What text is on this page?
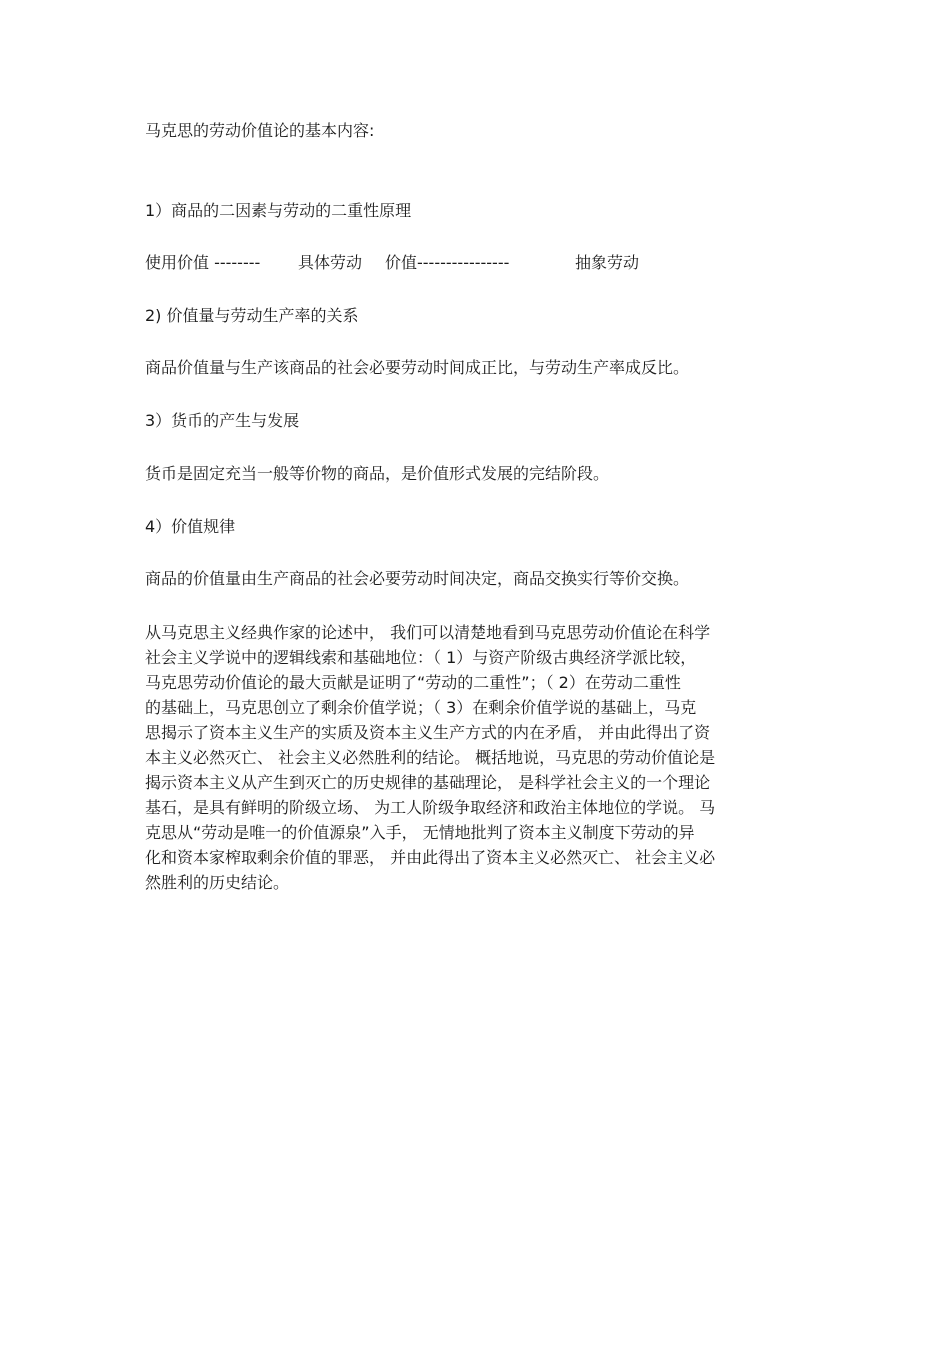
马克思的劳动价值论的基本内容:
1）商品的二因素与劳动的二重性原理
使用价值 -------- 具体劳动 价值----------------	抽象劳动
2) 价值量与劳动生产率的关系
商品价值量与生产该商品的社会必要劳动时间成正比，与劳动生产率成反比。
3）货币的产生与发展
货币是固定充当一般等价物的商品，是价值形式发展的完结阶段。
4）价值规律
商品的价值量由生产商品的社会必要劳动时间决定，商品交换实行等价交换。
从马克思主义经典作家的论述中， 我们可以清楚地看到马克思劳动价值论在科学
社会主义学说中的逻辑线索和基础地位：（ 1）与资产阶级古典经济学派比较，
马克思劳动价值论的最大贡献是证明了“劳动的二重性”；（ 2）在劳动二重性
的基础上，马克思创立了剩余价值学说；（ 3）在剩余价值学说的基础上，马克
思揭示了资本主义生产的实质及资本主义生产方式的内在矛盾， 并由此得出了资
本主义必然灭亡、 社会主义必然胜利的结论。 概括地说，马克思的劳动价值论是
揭示资本主义从产生到灭亡的历史规律的基础理论， 是科学社会主义的一个理论
基石，是具有鲜明的阶级立场、 为工人阶级争取经济和政治主体地位的学说。 马
克思从“劳动是唯一的价值源泉”入手， 无情地批判了资本主义制度下劳动的异
化和资本家榨取剩余价值的罪恶， 并由此得出了资本主义必然灭亡、 社会主义必
然胜利的历史结论。
